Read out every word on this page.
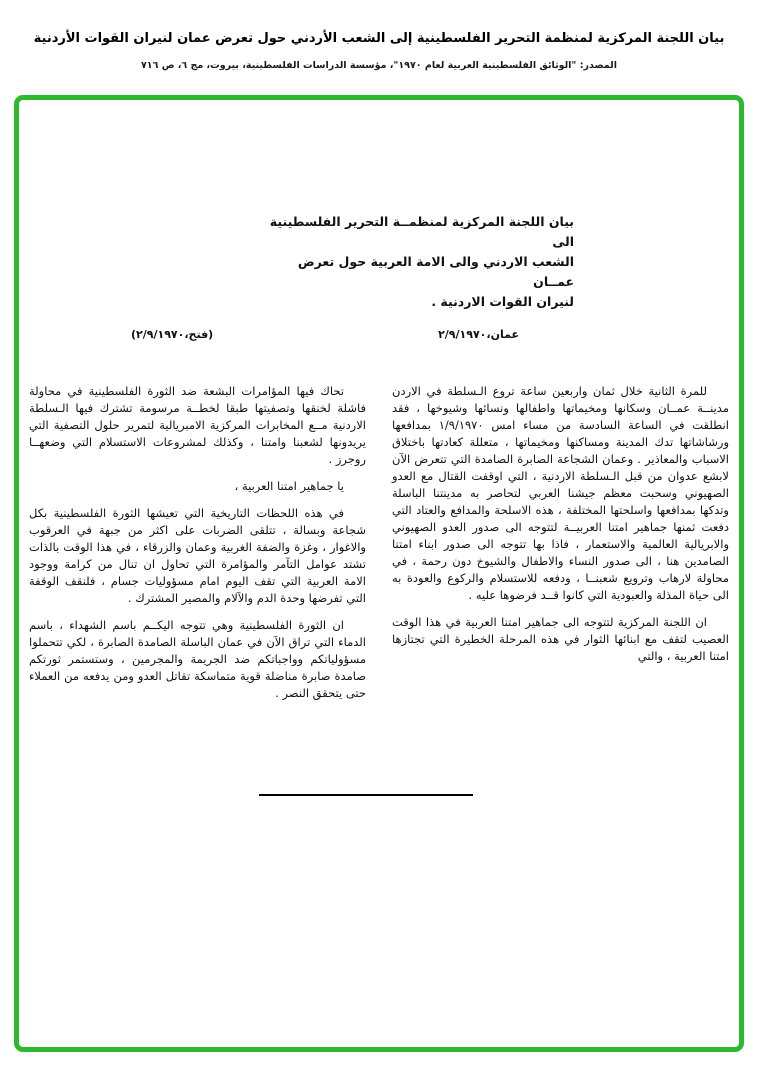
بيان اللجنة المركزية لمنظمة التحرير الفلسطينية إلى الشعب الأردني حول تعرض عمان لنيران القوات الأردنية
المصدر: "الوثائق الفلسطينية العربية لعام ١٩٧٠"، مؤسسة الدراسات الفلسطينية، بيروت، مج ٦، ص ٧١٦
بيان اللجنة المركزية لمنظمــة التحرير الفلسطينية الى
الشعب الاردني والى الامة العربية حول تعرض عمــان
لنيران القوات الاردنية .
عمان،٢/٩/١٩٧٠
(فتح،٢/٩/١٩٧٠)

للمرة الثانية خلال ثمان واربعين ساعة تروع الـسلطة في الاردن مدينــة عمــان وسكانها ومخيماتها واطفالها ونسائها وشيوخها ، فقد انطلقت في الساعة السادسة من مساء امس ١/٩/١٩٧٠ بمدافعها ورشاشاتها تدك المدينة ومساكنها ومخيماتها ، متعللة كعادتها باختلاق الاسباب والمعاذير . وعمان الشجاعة الصابرة الصامدة التي تتعرض الآن لابشع عدوان من قبل الـسلطة الاردنية ، التي اوقفت القتال مع العدو الصهيوني وسحبت معظم جيشنا العربي لتحاصر به مدينتنا الباسلة وتدكها بمدافعها واسلحتها المختلفة ، هذه الاسلحة والمدافع والعتاد التي دفعت ثمنها جماهير امتنا العربيــة لتتوجه الى صدور العدو الصهيوني والابريالية العالمية والاستعمار ، فاذا بها تتوجه الى صدور ابناء امتنا الصامدين هنا ، الى صدور النساء والاطفال والشيوخ دون رحمة ، في محاولة لارهاب وترويع شعبنــا ، ودفعه للاستسلام والركوع والعودة به الى حياة المذلة والعبودية التي كانوا قــد فرضوها عليه .

ان اللجنة المركزية لتتوجه الى جماهير امتنا العربية في هذا الوقت العصيب لتقف مع ابنائها الثوار في هذه المرحلة الخطيرة التي تجتازها امتنا العربية ، والتي

تحاك فيها المؤامرات البشعة ضد الثورة الفلسطينية في محاولة فاشلة لخنقها وتصفيتها طبقا لخطــة مرسومة تشترك فيها الـسلطة الاردنية مــع المخابرات المركزية الامبريالية لتمرير حلول التصفية التي يريدونها لشعبنا وامتنا ، وكذلك لمشروعات الاستسلام التي وضعهــا روجرز .

يا جماهير امتنا العربية ،

في هذه اللحظات التاريخية التي تعيشها الثورة الفلسطينية بكل شجاعة وبسالة ، تتلقى الضربات على اكثر من جبهة في العرقوب والاغوار ، وغزة والضفة الغربية وعمان والزرقاء ، في هذا الوقت بالذات تشتد عوامل التآمر والمؤامرة التي تحاول ان تنال من كرامة ووجود الامة العربية التي تقف اليوم امام مسؤوليات جسام ، فلنقف الوقفة التي تفرضها وحدة الدم والآلام والمصير المشترك .

ان الثورة الفلسطينية وهي تتوجه اليكــم باسم الشهداء ، باسم الدماء التي تراق الآن في عمان الباسلة الصامدة الصابرة ، لكي تتحملوا مسؤولياتكم وواجباتكم ضد الجريمة والمجرمين ، وستستمر ثورتكم صامدة صابرة مناضلة قوية متماسكة تقاتل العدو ومن يدفعه من العملاء حتى يتحقق النصر .
